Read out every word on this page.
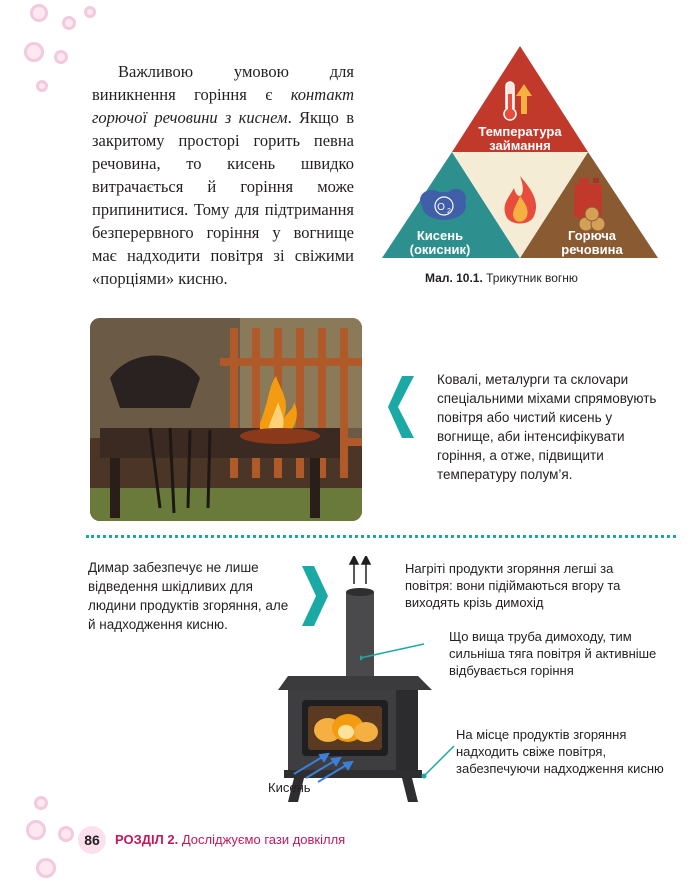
Важливою умовою для виникнення горіння є контакт горючої речовини з киснем. Якщо в закритому просторі горить певна речовина, то кисень швидко витрачається й горіння може припинитися. Тому для підтримання безперервного горіння у вогнище має надходити повітря зі свіжими «порціями» кисню.

Температура
займання
O 2
Кисень
(окисник)
Горюча
речовина
Мал. 10.1. Трикутник вогню

Ковалі, металурги та склovари спеціальними міхами спрямовують повітря або чистий кисень у вогнище, аби інтенсифікувати горіння, а отже, підвищити температуру полум’я.

Димар забезпечує не лише відведення шкідливих для людини продуктів згоряння, але й надходження кисню.

Нагріті продукти згоряння легші за повітря: вони підіймаються вгору та виходять крізь димохід

Що вища труба димоходу, тим сильніша тяга повітря й активніше відбувається горіння

На місце продуктів згоряння надходить свіже повітря, забезпечуючи надходження кисню

Кисень
86	РОЗДІЛ 2. Досліджуємо гази довкілля
